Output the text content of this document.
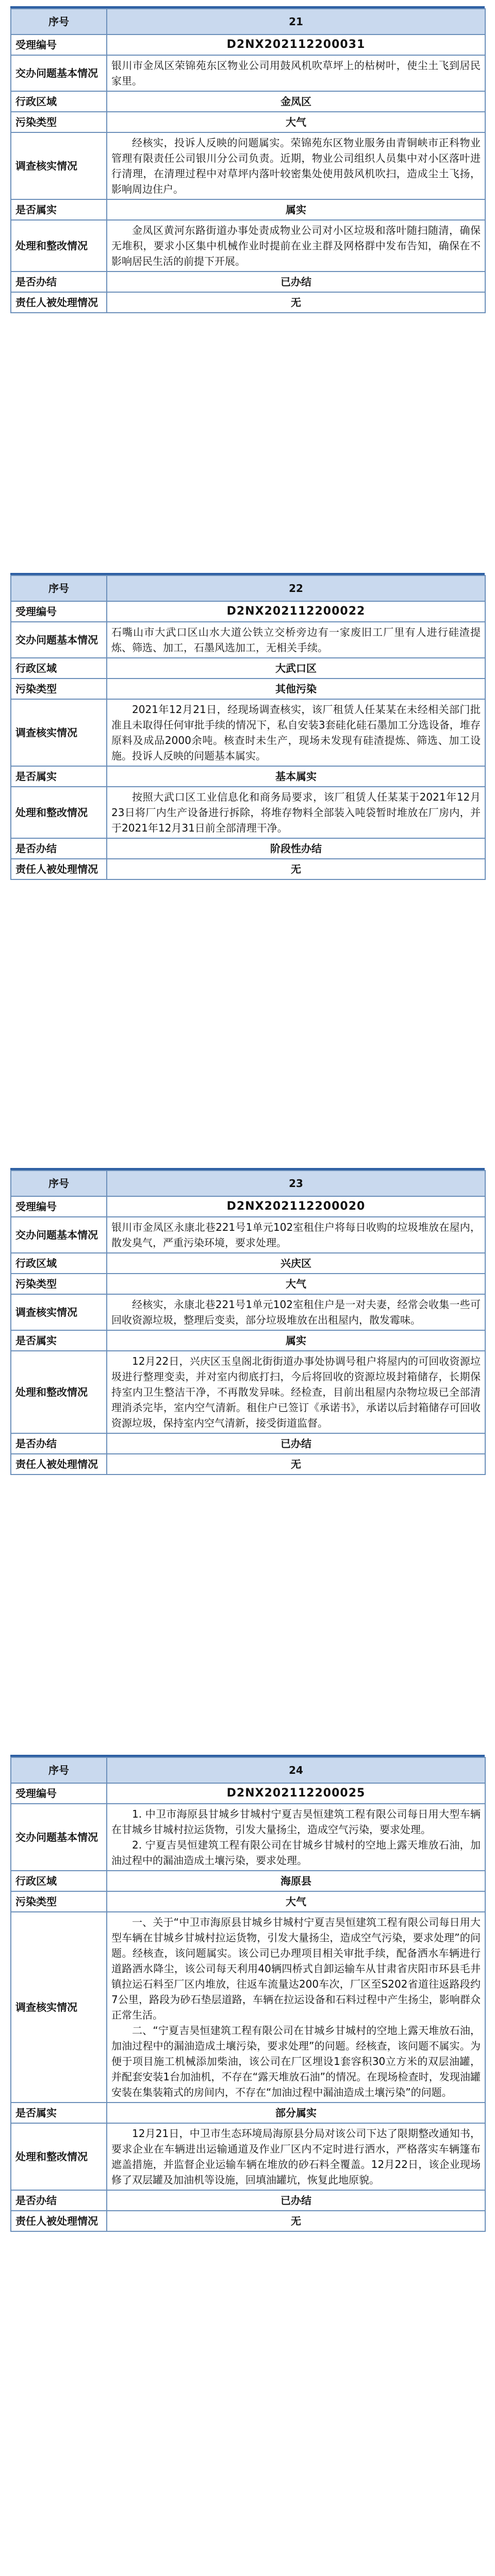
序号	21
受理编号	D2NX202112200031
交办问题基本情况	银川市金凤区荣锦苑东区物业公司用鼓风机吹草坪上的枯树叶，使尘土飞到居民家里。
行政区域	金凤区
污染类型	大气
调查核实情况	经核实，投诉人反映的问题属实。荣锦苑东区物业服务由青铜峡市正科物业管理有限责任公司银川分公司负责。近期，物业公司组织人员集中对小区落叶进行清理，在清理过程中对草坪内落叶较密集处使用鼓风机吹扫，造成尘土飞扬，影响周边住户。

是否属实	属实
处理和整改情况	金凤区黄河东路街道办事处责成物业公司对小区垃圾和落叶随扫随清，确保无堆积，要求小区集中机械作业时提前在业主群及网格群中发布告知，确保在不影响居民生活的前提下开展。

是否办结	已办结
责任人被处理情况	无
序号	22
受理编号	D2NX202112200022
交办问题基本情况	石嘴山市大武口区山水大道公铁立交桥旁边有一家废旧工厂里有人进行硅渣提炼、筛选、加工，石墨风选加工，无相关手续。
行政区域	大武口区
污染类型	其他污染
调查核实情况	2021年12月21日，经现场调查核实，该厂租赁人任某某在未经相关部门批准且未取得任何审批手续的情况下，私自安装3套硅化硅石墨加工分选设备，堆存原料及成品2000余吨。核查时未生产，现场未发现有硅渣提炼、筛选、加工设施。投诉人反映的问题基本属实。

是否属实	基本属实
处理和整改情况	按照大武口区工业信息化和商务局要求，该厂租赁人任某某于2021年12月23日将厂内生产设备进行拆除，将堆存物料全部装入吨袋暂时堆放在厂房内，并于2021年12月31日前全部清理干净。

是否办结	阶段性办结
责任人被处理情况	无
序号	23
受理编号	D2NX202112200020
交办问题基本情况	银川市金凤区永康北巷221号1单元102室租住户将每日收购的垃圾堆放在屋内，散发臭气，严重污染环境，要求处理。
行政区域	兴庆区
污染类型	大气
调查核实情况	经核实，永康北巷221号1单元102室租住户是一对夫妻，经常会收集一些可回收资源垃圾，整理后变卖，部分垃圾堆放在出租屋内，散发霉味。

是否属实	属实
处理和整改情况	12月22日，兴庆区玉皇阁北街街道办事处协调号租户将屋内的可回收资源垃圾进行整理变卖，并对室内彻底打扫，今后将回收的资源垃圾封箱储存，长期保持室内卫生整洁干净，不再散发异味。经检查，目前出租屋内杂物垃圾已全部清理消杀完毕，室内空气清新。租住户已签订《承诺书》，承诺以后封箱储存可回收资源垃圾，保持室内空气清新，接受街道监督。

是否办结	已办结
责任人被处理情况	无
序号	24
受理编号	D2NX202112200025
交办问题基本情况	1. 中卫市海原县甘城乡甘城村宁夏吉昊恒建筑工程有限公司每日用大型车辆在甘城乡甘城村拉运货物，引发大量扬尘，造成空气污染，要求处理。

2. 宁夏吉昊恒建筑工程有限公司在甘城乡甘城村的空地上露天堆放石油，加油过程中的漏油造成土壤污染，要求处理。

行政区域	海原县
污染类型	大气
调查核实情况	一、关于“中卫市海原县甘城乡甘城村宁夏吉昊恒建筑工程有限公司每日用大型车辆在甘城乡甘城村拉运货物，引发大量扬尘，造成空气污染，要求处理”的问题。经核查，该问题属实。该公司已办理项目相关审批手续，配备洒水车辆进行道路洒水降尘，该公司每天利用40辆四桥式自卸运输车从甘肃省庆阳市环县毛井镇拉运石料至厂区内堆放，往返车流量达200车次，厂区至S202省道往返路段约7公里，路段为砂石垫层道路，车辆在拉运设备和石料过程中产生扬尘，影响群众正常生活。

二、“宁夏吉昊恒建筑工程有限公司在甘城乡甘城村的空地上露天堆放石油，加油过程中的漏油造成土壤污染，要求处理”的问题。经核查，该问题不属实。为便于项目施工机械添加柴油，该公司在厂区埋设1套容积30立方米的双层油罐，并配套安装1台加油机，不存在“露天堆放石油”的情况。在现场检查时，发现油罐安装在集装箱式的房间内，不存在“加油过程中漏油造成土壤污染”的问题。

是否属实	部分属实
处理和整改情况	12月21日，中卫市生态环境局海原县分局对该公司下达了限期整改通知书，要求企业在车辆进出运输通道及作业厂区内不定时进行洒水，严格落实车辆篷布遮盖措施，并监督企业运输车辆在堆放的砂石料全覆盖。12月22日，该企业现场修了双层罐及加油机等设施，回填油罐坑，恢复此地原貌。

是否办结	已办结
责任人被处理情况	无
